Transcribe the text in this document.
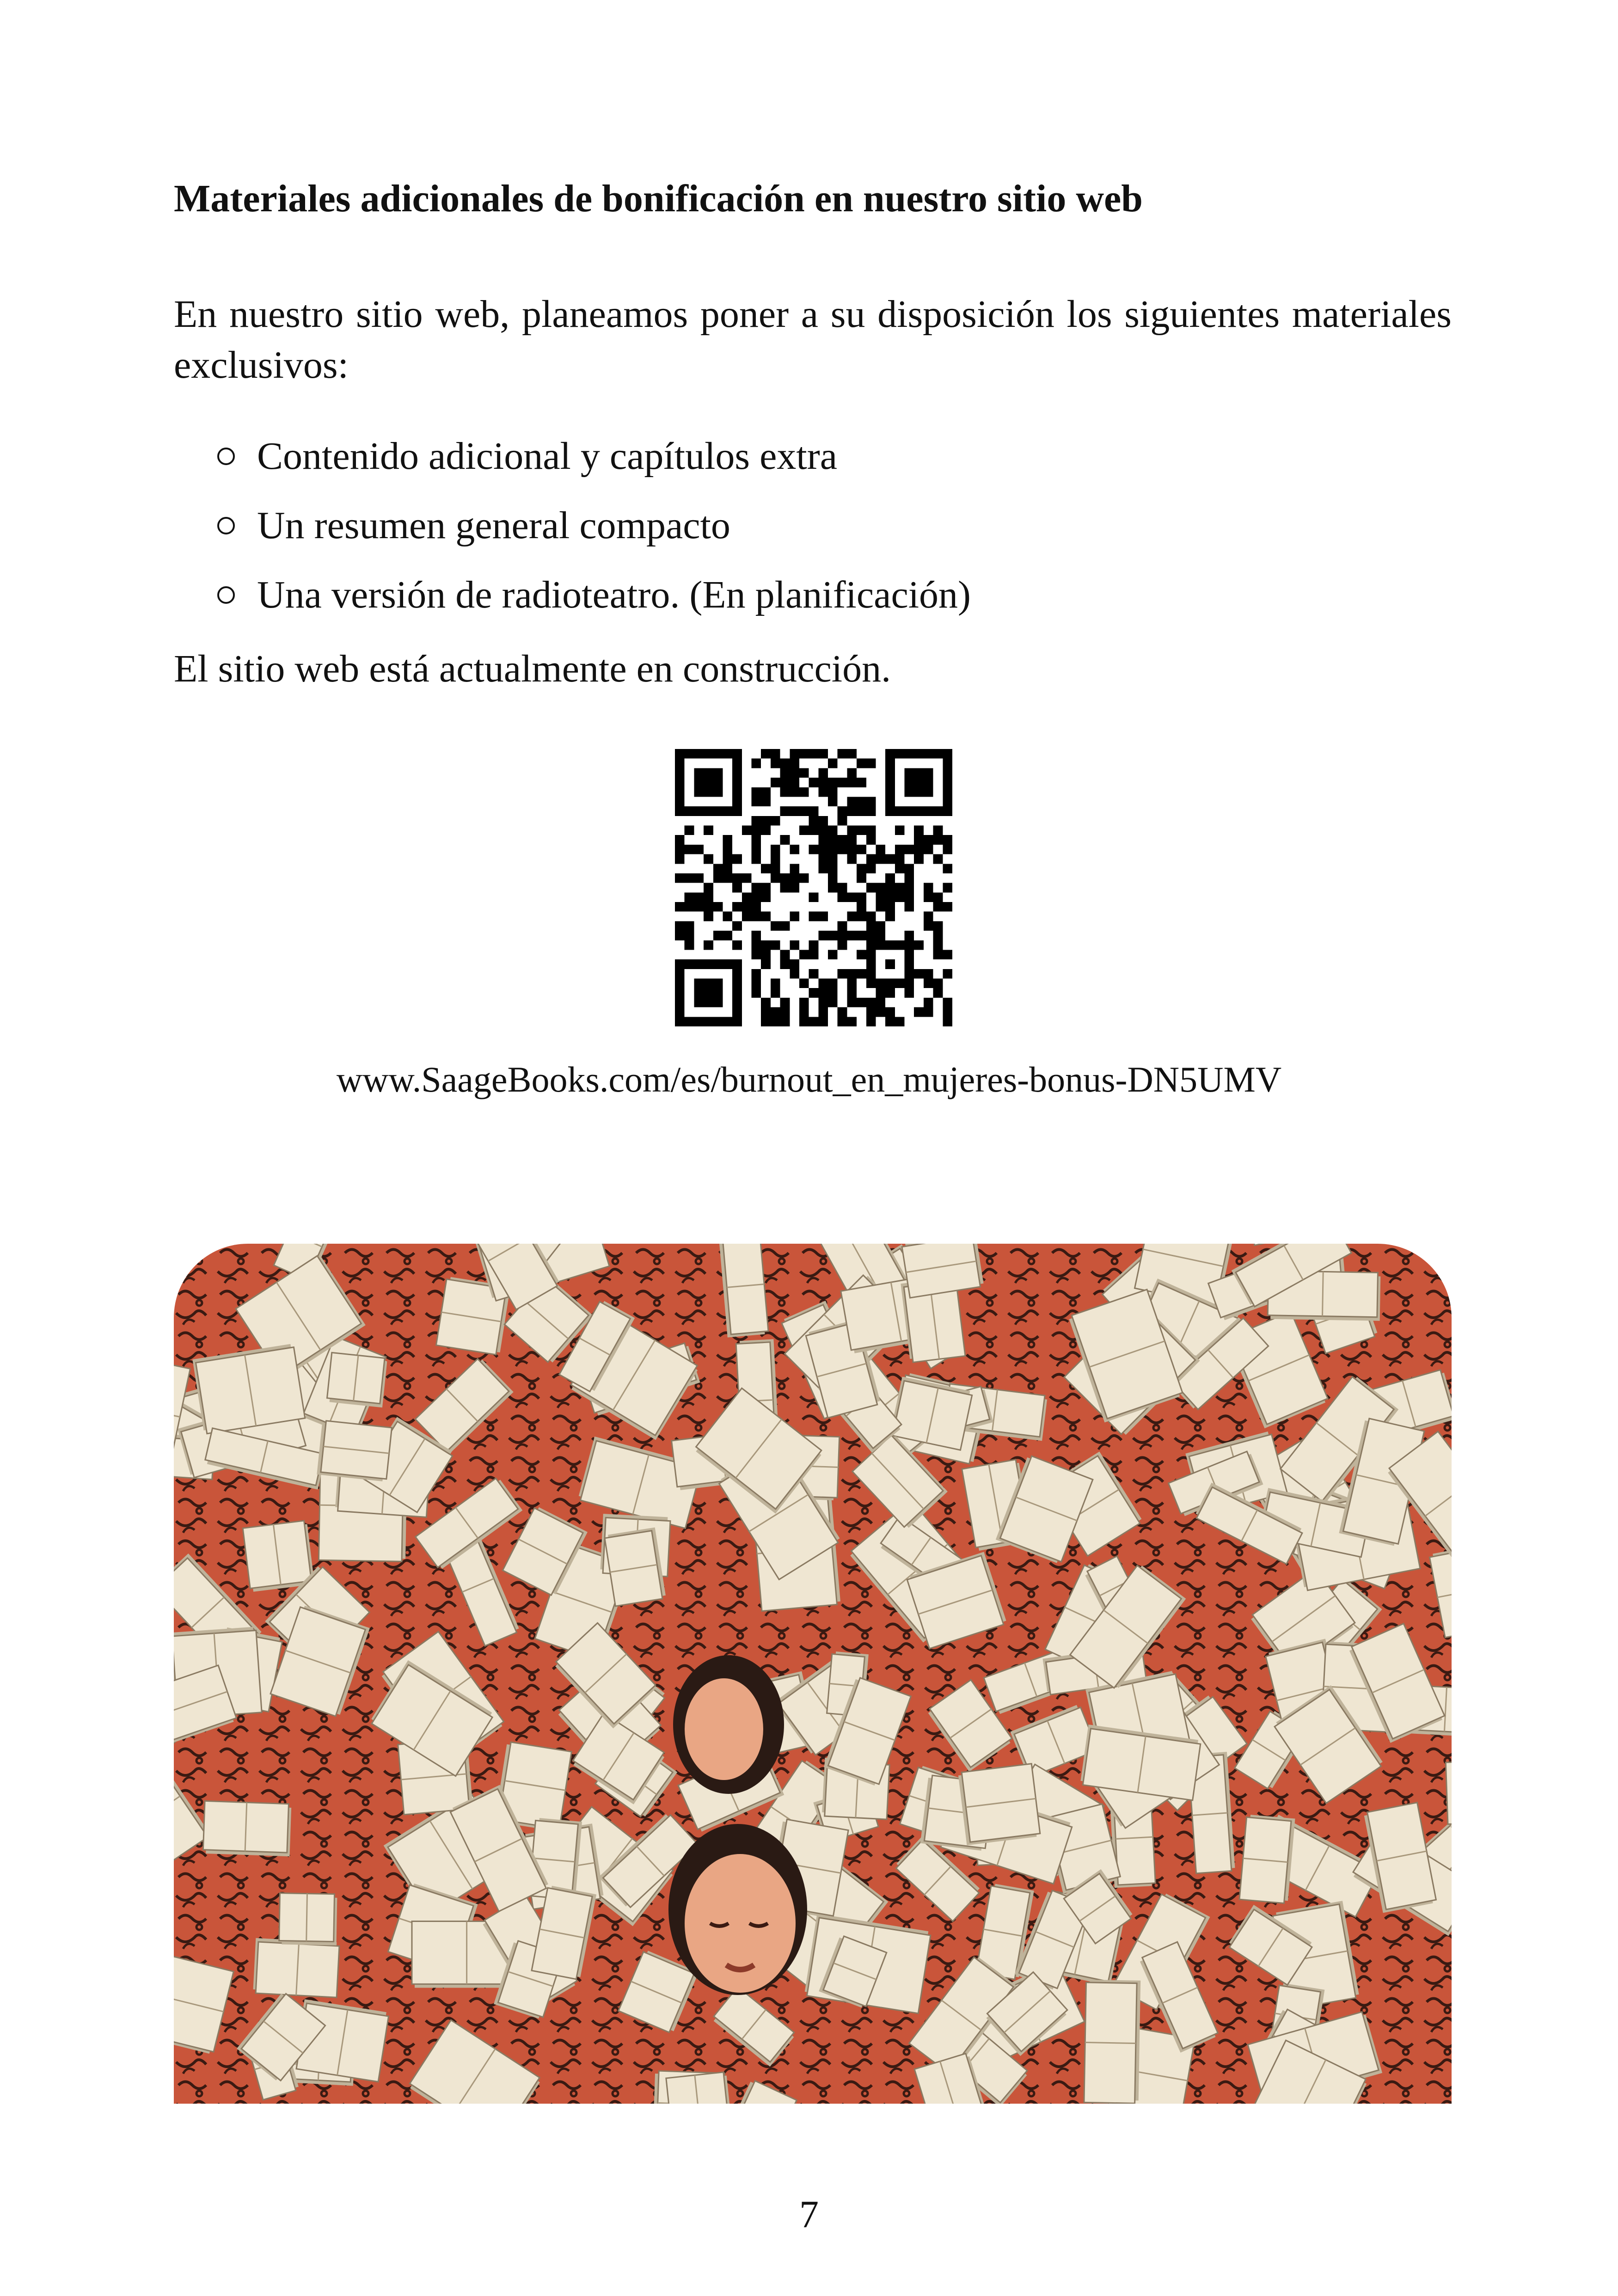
Materiales adicionales de bonificación en nuestro sitio web
En nuestro sitio web, planeamos poner a su disposición los siguientes materiales exclusivos:
Contenido adicional y capítulos extra
Un resumen general compacto
Una versión de radioteatro. (En planificación)
El sitio web está actualmente en construcción.
www.SaageBooks.com/es/burnout_en_mujeres-bonus-DN5UMV
7
